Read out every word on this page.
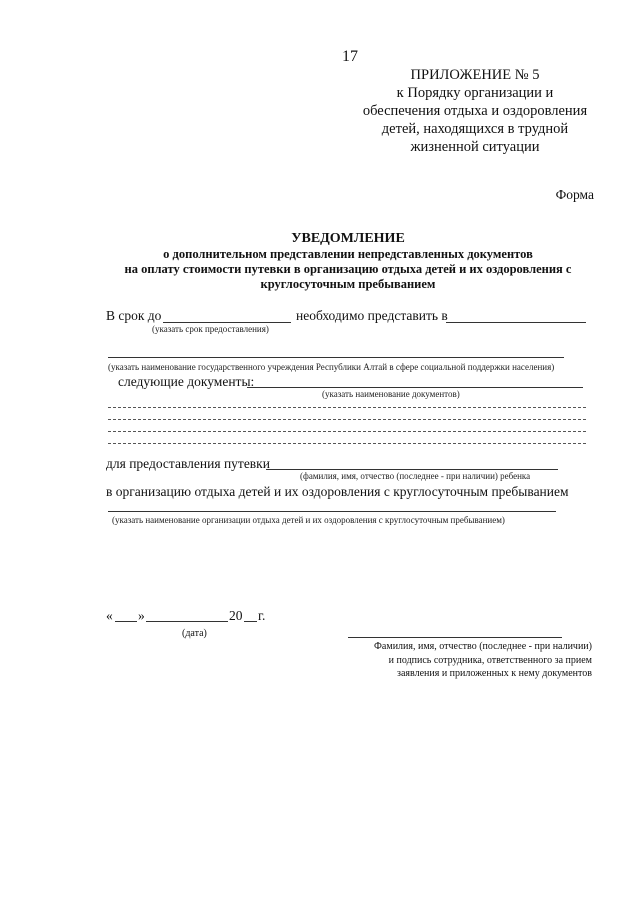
17
ПРИЛОЖЕНИЕ № 5
к Порядку организации и
обеспечения отдыха и оздоровления
детей, находящихся в трудной
жизненной ситуации
Форма
УВЕДОМЛЕНИЕ
о дополнительном представлении непредставленных документов
на оплату стоимости путевки в организацию отдыха детей и их оздоровления с
круглосуточным пребыванием
В срок до	необходимо представить в
(указать срок предоставления)
(указать наименование государственного учреждения Республики Алтай в сфере социальной поддержки населения)
следующие документы:
(указать наименование документов)
для предоставления путевки
(фамилия, имя, отчество (последнее - при наличии) ребенка
в организацию отдыха детей и их оздоровления с круглосуточным пребыванием
(указать наименование организации отдыха детей и их оздоровления с круглосуточным пребыванием)
« »	20 г.
(дата)
Фамилия, имя, отчество (последнее - при наличии)
и подпись сотрудника, ответственного за прием
заявления и приложенных к нему документов
